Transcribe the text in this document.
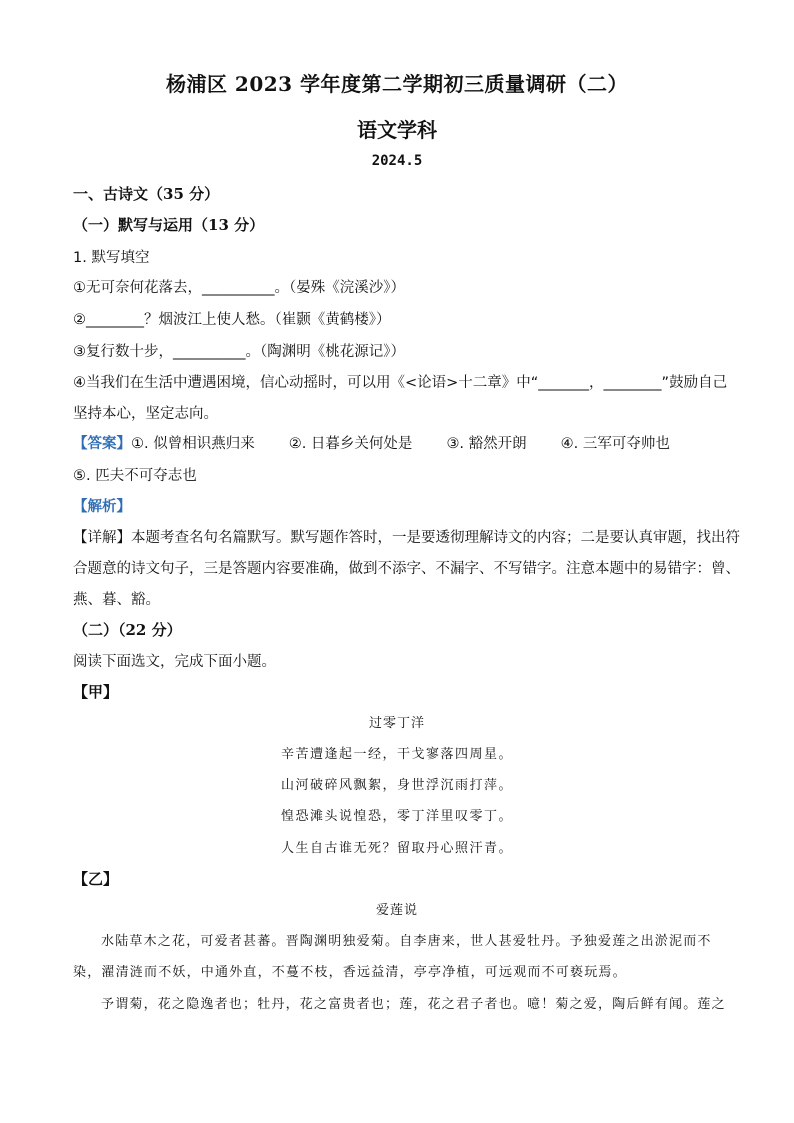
杨浦区 2023 学年度第二学期初三质量调研（二）
语文学科
2024.5
一、古诗文（35 分）
（一）默写与运用（13 分）
1. 默写填空
①无可奈何花落去，__________。（晏殊《浣溪沙》）
②________？烟波江上使人愁。（崔颢《黄鹤楼》）
③复行数十步，__________。（陶渊明《桃花源记》）
④当我们在生活中遭遇困境，信心动摇时，可以用《<论语>十二章》中“_______，________”鼓励自己
坚持本心，坚定志向。
【答案】①. 似曾相识燕归来 ②. 日暮乡关何处是 ③. 豁然开朗 ④. 三军可夺帅也
⑤. 匹夫不可夺志也
【解析】
【详解】本题考查名句名篇默写。默写题作答时，一是要透彻理解诗文的内容；二是要认真审题，找出符
合题意的诗文句子，三是答题内容要准确，做到不添字、不漏字、不写错字。注意本题中的易错字：曾、
燕、暮、豁。
（二）（22 分）
阅读下面选文，完成下面小题。
【甲】
过零丁洋
辛苦遭逢起一经，干戈寥落四周星。
山河破碎风飘絮，身世浮沉雨打萍。
惶恐滩头说惶恐，零丁洋里叹零丁。
人生自古谁无死？留取丹心照汗青。
【乙】
爱莲说
水陆草木之花，可爱者甚蕃。晋陶渊明独爱菊。自李唐来，世人甚爱牡丹。予独爱莲之出淤泥而不
染，濯清涟而不妖，中通外直，不蔓不枝，香远益清，亭亭净植，可远观而不可亵玩焉。
予谓菊，花之隐逸者也；牡丹，花之富贵者也；莲，花之君子者也。噫！菊之爱，陶后鲜有闻。莲之
